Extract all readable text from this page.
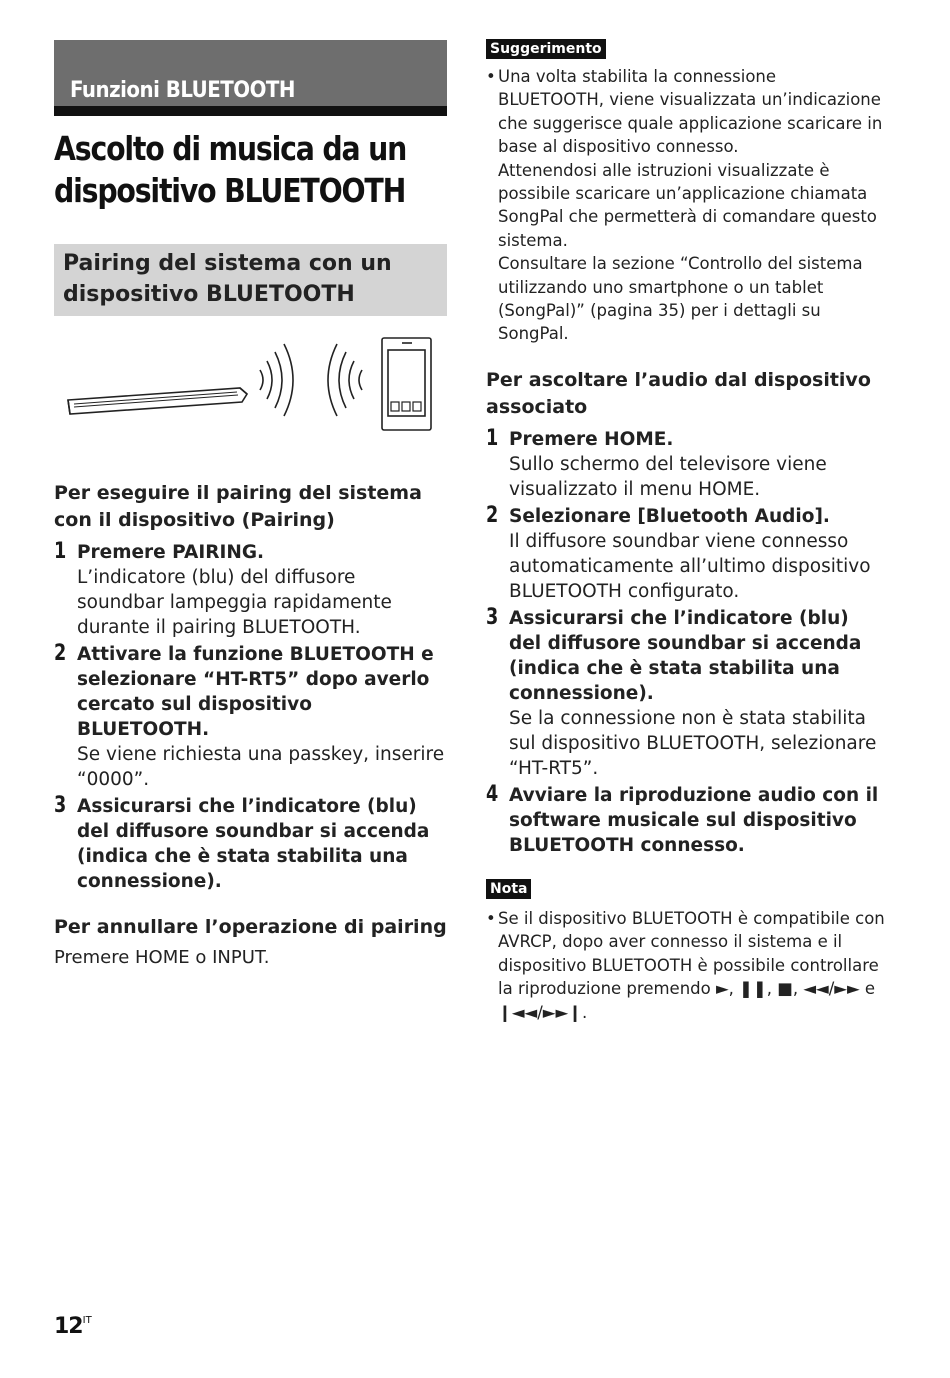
Funzioni BLUETOOTH
Ascolto di musica da un
dispositivo BLUETOOTH
Pairing del sistema con un dispositivo BLUETOOTH
Per eseguire il pairing del sistema con il dispositivo (Pairing)
1 Premere PAIRING.
L’indicatore (blu) del diffusore soundbar lampeggia rapidamente durante il pairing BLUETOOTH.
2 Attivare la funzione BLUETOOTH e selezionare “HT-RT5” dopo averlo cercato sul dispositivo BLUETOOTH.
Se viene richiesta una passkey, inserire “0000”.
3 Assicurarsi che l’indicatore (blu) del diffusore soundbar si accenda (indica che è stata stabilita una connessione).
Per annullare l’operazione di pairing
Premere HOME o INPUT.
Suggerimento
• Una volta stabilita la connessione BLUETOOTH, viene visualizzata un’indicazione che suggerisce quale applicazione scaricare in base al dispositivo connesso.
Attenendosi alle istruzioni visualizzate è possibile scaricare un’applicazione chiamata SongPal che permetterà di comandare questo sistema.
Consultare la sezione “Controllo del sistema utilizzando uno smartphone o un tablet (SongPal)” (pagina 35) per i dettagli su SongPal.
Per ascoltare l’audio dal dispositivo associato
1 Premere HOME.
Sullo schermo del televisore viene visualizzato il menu HOME.
2 Selezionare [Bluetooth Audio].
Il diffusore soundbar viene connesso automaticamente all’ultimo dispositivo BLUETOOTH configurato.
3 Assicurarsi che l’indicatore (blu) del diffusore soundbar si accenda (indica che è stata stabilita una connessione).
Se la connessione non è stata stabilita sul dispositivo BLUETOOTH, selezionare “HT-RT5”.
4 Avviare la riproduzione audio con il software musicale sul dispositivo BLUETOOTH connesso.
Nota
• Se il dispositivo BLUETOOTH è compatibile con AVRCP, dopo aver connesso il sistema e il dispositivo BLUETOOTH è possibile controllare la riproduzione premendo ►, ❚❚, ■, ◄◄/►► e ❙◄◄/►►❙.
$12^{IT}$
